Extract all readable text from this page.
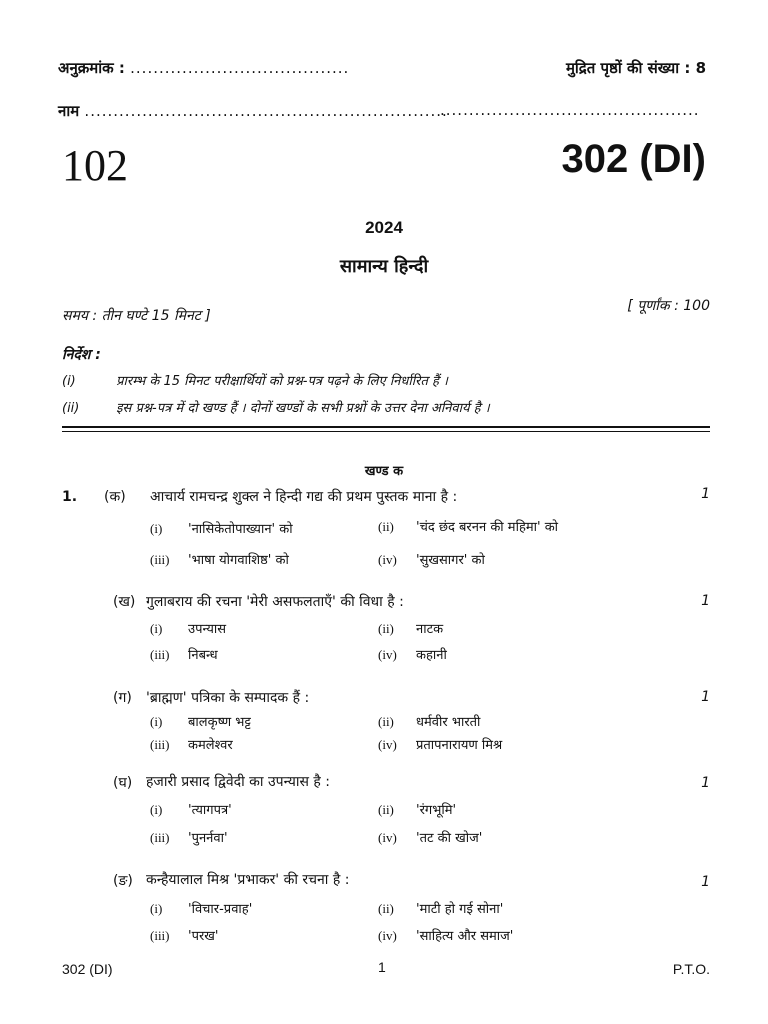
अनुक्रमांक : ......................................	मुद्रित पृष्ठों की संख्या : 8
नाम ...............................................................
.............................................
102	302 (DI)
2024
सामान्य हिन्दी
समय : तीन घण्टे 15 मिनट ]
[ पूर्णांक : 100
निर्देश :
(i)	प्रारम्भ के 15 मिनट परीक्षार्थियों को प्रश्न-पत्र पढ़ने के लिए निर्धारित हैं ।
(ii)	इस प्रश्न-पत्र में दो खण्ड हैं । दोनों खण्डों के सभी प्रश्नों के उत्तर देना अनिवार्य है ।
खण्ड क
1. (क) आचार्य रामचन्द्र शुक्ल ने हिन्दी गद्य की प्रथम पुस्तक माना है :	1
(i) 'नासिकेतोपाख्यान' को	(ii) 'चंद छंद बरनन की महिमा' को
(iii) 'भाषा योगवाशिष्ठ' को	(iv) 'सुखसागर' को
(ख) गुलाबराय की रचना 'मेरी असफलताएँ' की विधा है :	1
(i) उपन्यास	(ii) नाटक
(iii) निबन्ध	(iv) कहानी
(ग) 'ब्राह्मण' पत्रिका के सम्पादक हैं :	1
(i) बालकृष्ण भट्ट	(ii) धर्मवीर भारती
(iii) कमलेश्वर	(iv) प्रतापनारायण मिश्र
(घ) हजारी प्रसाद द्विवेदी का उपन्यास है :	1
(i) 'त्यागपत्र'	(ii) 'रंगभूमि'
(iii) 'पुनर्नवा'	(iv) 'तट की खोज'
(ङ) कन्हैयालाल मिश्र 'प्रभाकर' की रचना है :	1
(i) 'विचार-प्रवाह'	(ii) 'माटी हो गई सोना'
(iii) 'परख'	(iv) 'साहित्य और समाज'
302 (DI)	1	P.T.O.
